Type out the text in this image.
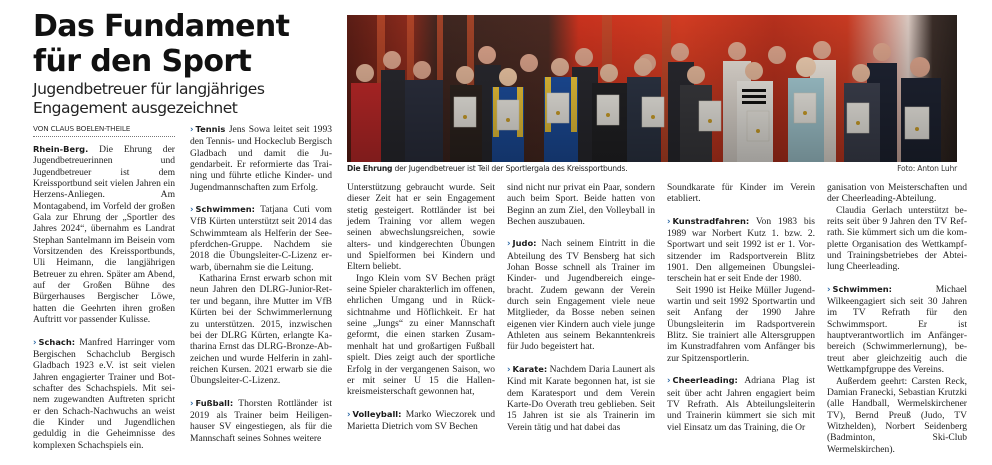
Das Fundament
für den Sport
Jugendbetreuer für langjähriges
Engagement ausgezeichnet
VON CLAUS BOELEN-THEILE
Die Ehrung der Jugendbetreuer ist Teil der Sportlergala des Kreissportbunds.	Foto: Anton Luhr

Rhein-Berg. Die Ehrung der Jugendbetreuerinnen und Jugendbetreuer ist dem Kreissportbund seit vielen Jahren ein Herzens-Anliegen. Am Montagabend, im Vorfeld der großen Gala zur Ehrung der „Sportler des Jahres 2024“, übernahm es Landrat Stephan Santelmann im Beisein vom Vorsitzenden des Kreissportbunds, Uli Heimann, die langjährigen Betreuer zu ehren. Später am Abend, auf der Großen Bühne des Bürgerhauses Bergischer Löwe, hatten die Geehrten ihren großen Auftritt vor passender Kulisse.

› Schach: Manfred Harringer vom Bergischen Schachclub Bergisch Gladbach 1923 e.V. ist seit vielen Jahren engagierter Trainer und Botschafter des Schachspiels. Mit seinem zugewandten Auftreten spricht er den Schach-Nachwuchs an weist die Kinder und Jugendlichen geduldig in die Geheimnisse des komplexen Schachspiels ein.

› Tennis Jens Sowa leitet seit 1993 den Tennis- und Hockeclub Bergisch Gladbach und damit die Jugendarbeit. Er reformierte das Training und führte etliche Kinder- und Jugendmannschaften zum Erfolg.

› Schwimmen: Tatjana Cuti vom VfB Kürten unterstützt seit 2014 das Schwimmteam als Helferin der Seepferdchen-Gruppe. Nachdem sie 2018 die Übungsleiter-C-Lizenz erwarb, übernahm sie die Leitung.

Katharina Ernst erwarb schon mit neun Jahren den DLRG-Junior-Retter und begann, ihre Mutter im VfB Kürten bei der Schwimmerlernung zu unterstützen. 2015, inzwischen bei der DLRG Kürten, erlangte Katharina Ernst das DLRG-Bronze-Abzeichen und wurde Helferin in zahlreichen Kursen. 2021 erwarb sie die Übungsleiter-C-Lizenz.

› Fußball: Thorsten Rottländer ist 2019 als Trainer beim Heiligenhauser SV eingestiegen, als für die Mannschaft seines Sohnes weitere

Unterstützung gebraucht wurde. Seit dieser Zeit hat er sein Engagement stetig gesteigert. Rottländer ist bei jedem Training vor allem wegen seinen abwechslungsreichen, sowie alters- und kindgerechten Übungen und Spielformen bei Kindern und Eltern beliebt.

Ingo Klein vom SV Bechen prägt seine Spieler charakterlich im offenen, ehrlichen Umgang und in Rücksichtnahme und Höflichkeit. Er hat seine „Jungs“ zu einer Mannschaft geformt, die einen starken Zusammenhalt hat und großartigen Fußball spielt. Dies zeigt auch der sportliche Erfolg in der vergangenen Saison, wo er mit seiner U 15 die Hallenkreismeisterschaft gewonnen hat,

› Volleyball: Marko Wieczorek und Marietta Dietrich vom SV Bechen

sind nicht nur privat ein Paar, sondern auch beim Sport. Beide hatten von Beginn an zum Ziel, den Volleyball in Bechen auszubauen.

› Judo: Nach seinem Eintritt in die Abteilung des TV Bensberg hat sich Johan Bosse schnell als Trainer im Kinder- und Jugendbereich eingebracht. Zudem gewann der Verein durch sein Engagement viele neue Mitglieder, da Bosse neben seinen eigenen vier Kindern auch viele junge Athleten aus seinem Bekanntenkreis für Judo begeistert hat.

› Karate: Nachdem Daria Launert als Kind mit Karate begonnen hat, ist sie dem Karatesport und dem Verein Karte-Do Overath treu geblieben. Seit 15 Jahren ist sie als Trainerin im Verein tätig und hat dabei das

Soundkarate für Kinder im Verein etabliert.

› Kunstradfahren: Von 1983 bis 1989 war Norbert Kutz 1. bzw. 2. Sportwart und seit 1992 ist er 1. Vorsitzender im Radsportverein Blitz 1901. Den allgemeinen Übungsleiterschein hat er seit Ende der 1980.

Seit 1990 ist Heike Müller Jugendwartin und seit 1992 Sportwartin und seit Anfang der 1990 Jahre Übungsleiterin im Radsportverein Blitz. Sie trainiert alle Altersgruppen im Kunstradfahren vom Anfänger bis zur Spitzensportlerin.

› Cheerleading: Adriana Plag ist seit über acht Jahren engagiert beim TV Refrath. Als Abteilungsleiterin und Trainerin kümmert sie sich mit viel Einsatz um das Training, die Or

ganisation von Meisterschaften und der Cheerleading-Abteilung.

Claudia Gerlach unterstützt bereits seit über 9 Jahren den TV Refrath. Sie kümmert sich um die komplette Organisation des Wettkampf- und Trainingsbetriebes der Abteilung Cheerleading.

› Schwimmen: Michael Wilkeengagiert sich seit 30 Jahren im TV Refrath für den Schwimmsport. Er ist hauptverantwortlich im Anfängerbereich (Schwimmerlernung), betreut aber gleichzeitig auch die Wettkampfgruppe des Vereins.

Außerdem geehrt: Carsten Reck, Damian Franecki, Sebastian Krutzki (alle Handball, Wermelskirchener TV), Bernd Preuß (Judo, TV Witzhelden), Norbert Seidenberg (Badminton, Ski-Club Wermelskirchen).
